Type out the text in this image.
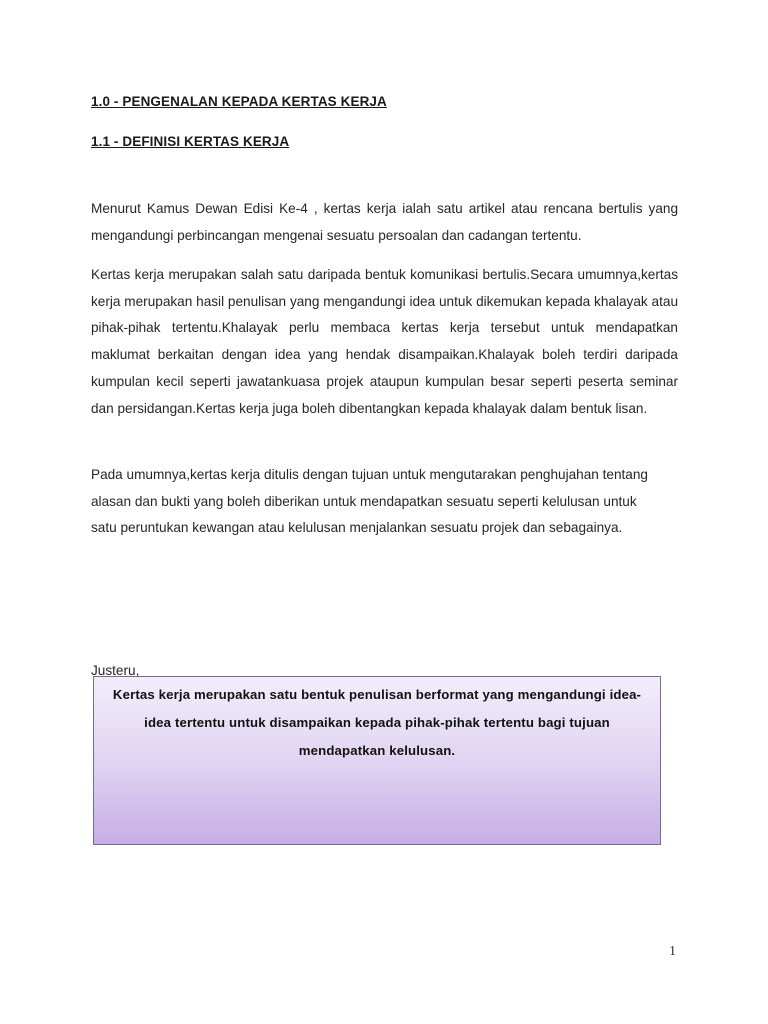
1.0 - PENGENALAN KEPADA KERTAS KERJA
1.1 - DEFINISI KERTAS KERJA

Menurut Kamus Dewan Edisi Ke-4 , kertas kerja ialah satu artikel atau rencana bertulis yang mengandungi perbincangan mengenai sesuatu persoalan dan cadangan tertentu.

Kertas kerja merupakan salah satu daripada bentuk komunikasi bertulis.Secara umumnya,kertas kerja merupakan hasil penulisan yang mengandungi idea untuk dikemukan kepada khalayak atau pihak-pihak tertentu.Khalayak perlu membaca kertas kerja tersebut untuk mendapatkan maklumat berkaitan dengan idea yang hendak disampaikan.Khalayak boleh terdiri daripada kumpulan kecil seperti jawatankuasa projek ataupun kumpulan besar seperti peserta seminar dan persidangan.Kertas kerja juga boleh dibentangkan kepada khalayak dalam bentuk lisan.

Pada umumnya,kertas kerja ditulis dengan tujuan untuk mengutarakan penghujahan tentang alasan dan bukti yang boleh diberikan untuk mendapatkan sesuatu seperti kelulusan untuk satu peruntukan kewangan atau kelulusan menjalankan sesuatu projek dan sebagainya.

Justeru,

Kertas kerja merupakan satu bentuk penulisan berformat yang mengandungi idea-idea tertentu untuk disampaikan kepada pihak-pihak tertentu bagi tujuan mendapatkan kelulusan.

1
